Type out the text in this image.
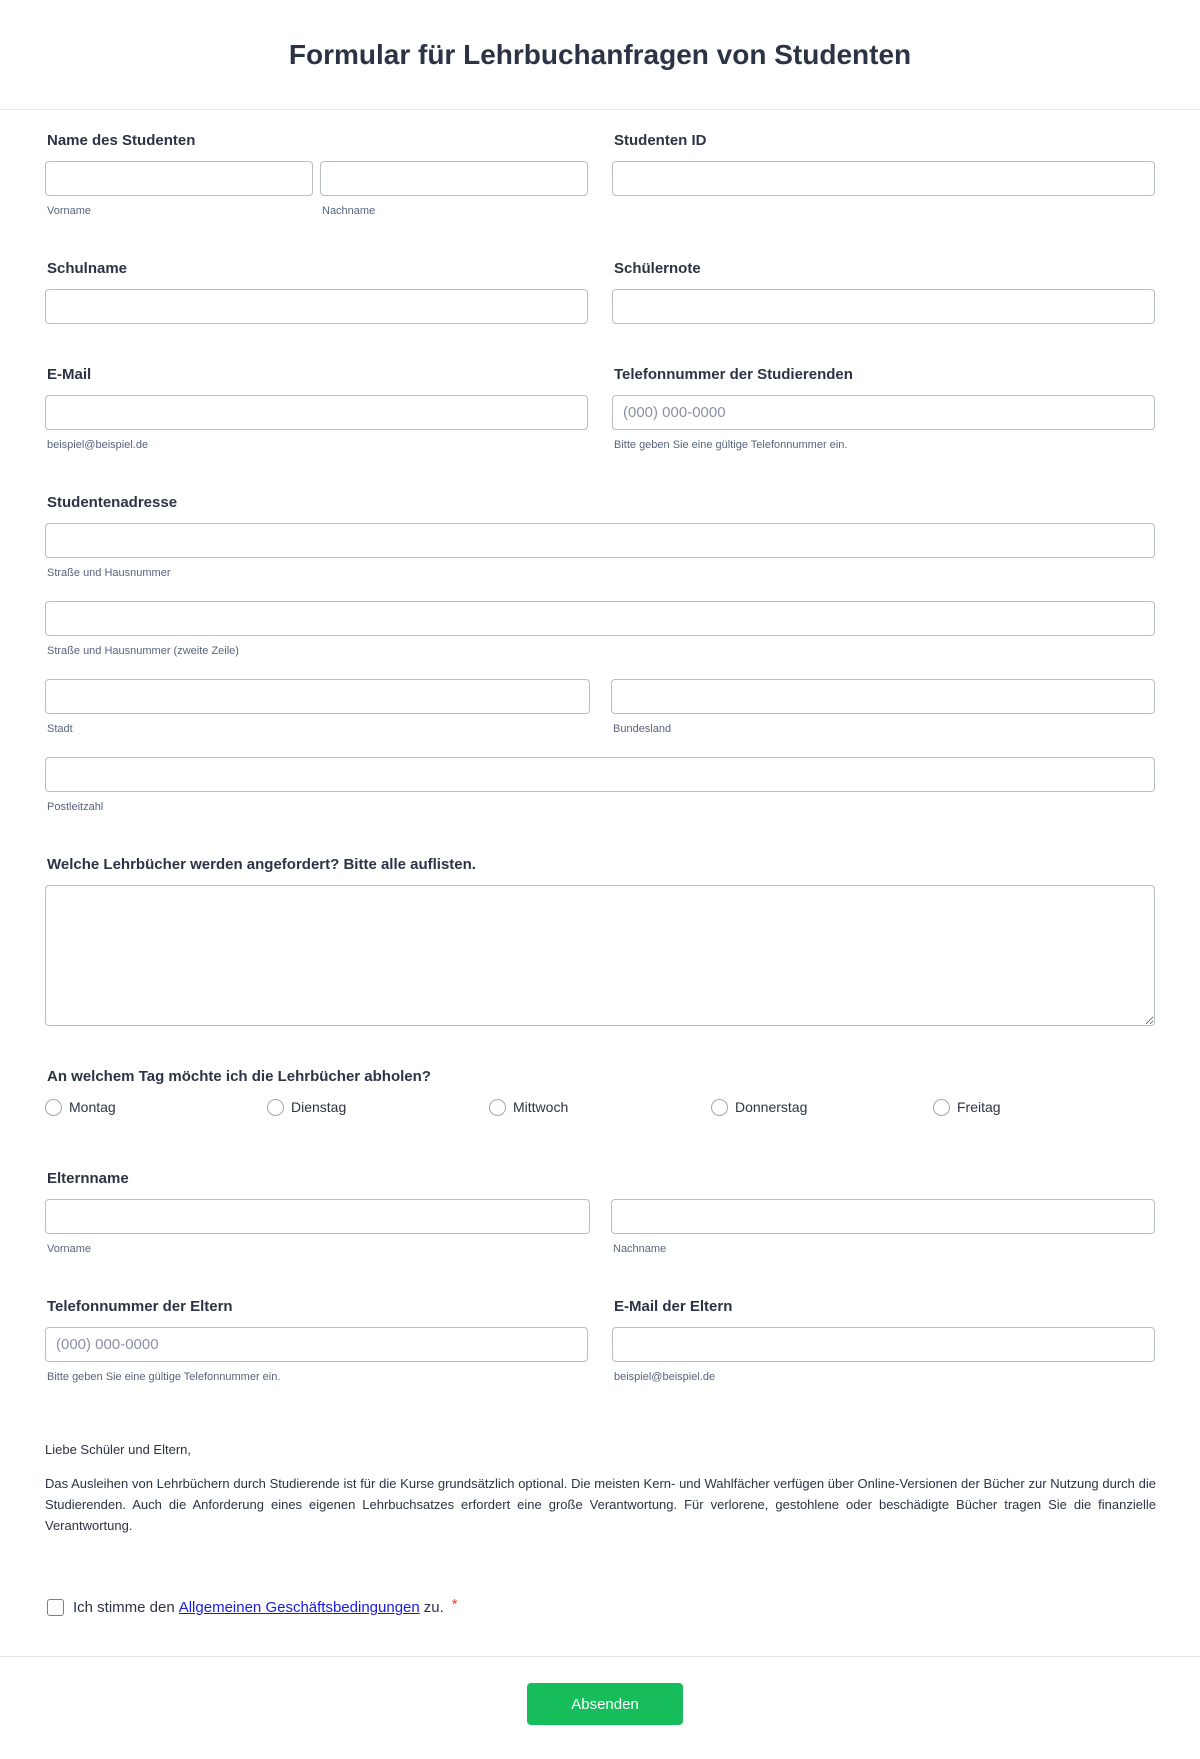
Formular für Lehrbuchanfragen von Studenten
Name des Studenten
Vorname	Nachname
Studenten ID
Schulname	Schülernote
E-Mail
beispiel@beispiel.de
Telefonnummer der Studierenden
(000) 000-0000
Bitte geben Sie eine gültige Telefonnummer ein.
Studentenadresse
Straße und Hausnummer
Straße und Hausnummer (zweite Zeile)
Stadt	Bundesland
Postleitzahl
Welche Lehrbücher werden angefordert? Bitte alle auflisten.
An welchem Tag möchte ich die Lehrbücher abholen?
Montag	Dienstag	Mittwoch	Donnerstag	Freitag
Elternname
Vorname	Nachname
Telefonnummer der Eltern
(000) 000-0000
Bitte geben Sie eine gültige Telefonnummer ein.
E-Mail der Eltern
beispiel@beispiel.de
Liebe Schüler und Eltern,
Das Ausleihen von Lehrbüchern durch Studierende ist für die Kurse grundsätzlich optional. Die meisten Kern- und Wahlfächer verfügen über Online-Versionen der Bücher zur Nutzung durch die Studierenden. Auch die Anforderung eines eigenen Lehrbuchsatzes erfordert eine große Verantwortung. Für verlorene, gestohlene oder beschädigte Bücher tragen Sie die finanzielle Verantwortung.
Ich stimme den Allgemeinen Geschäftsbedingungen zu. *
Absenden
